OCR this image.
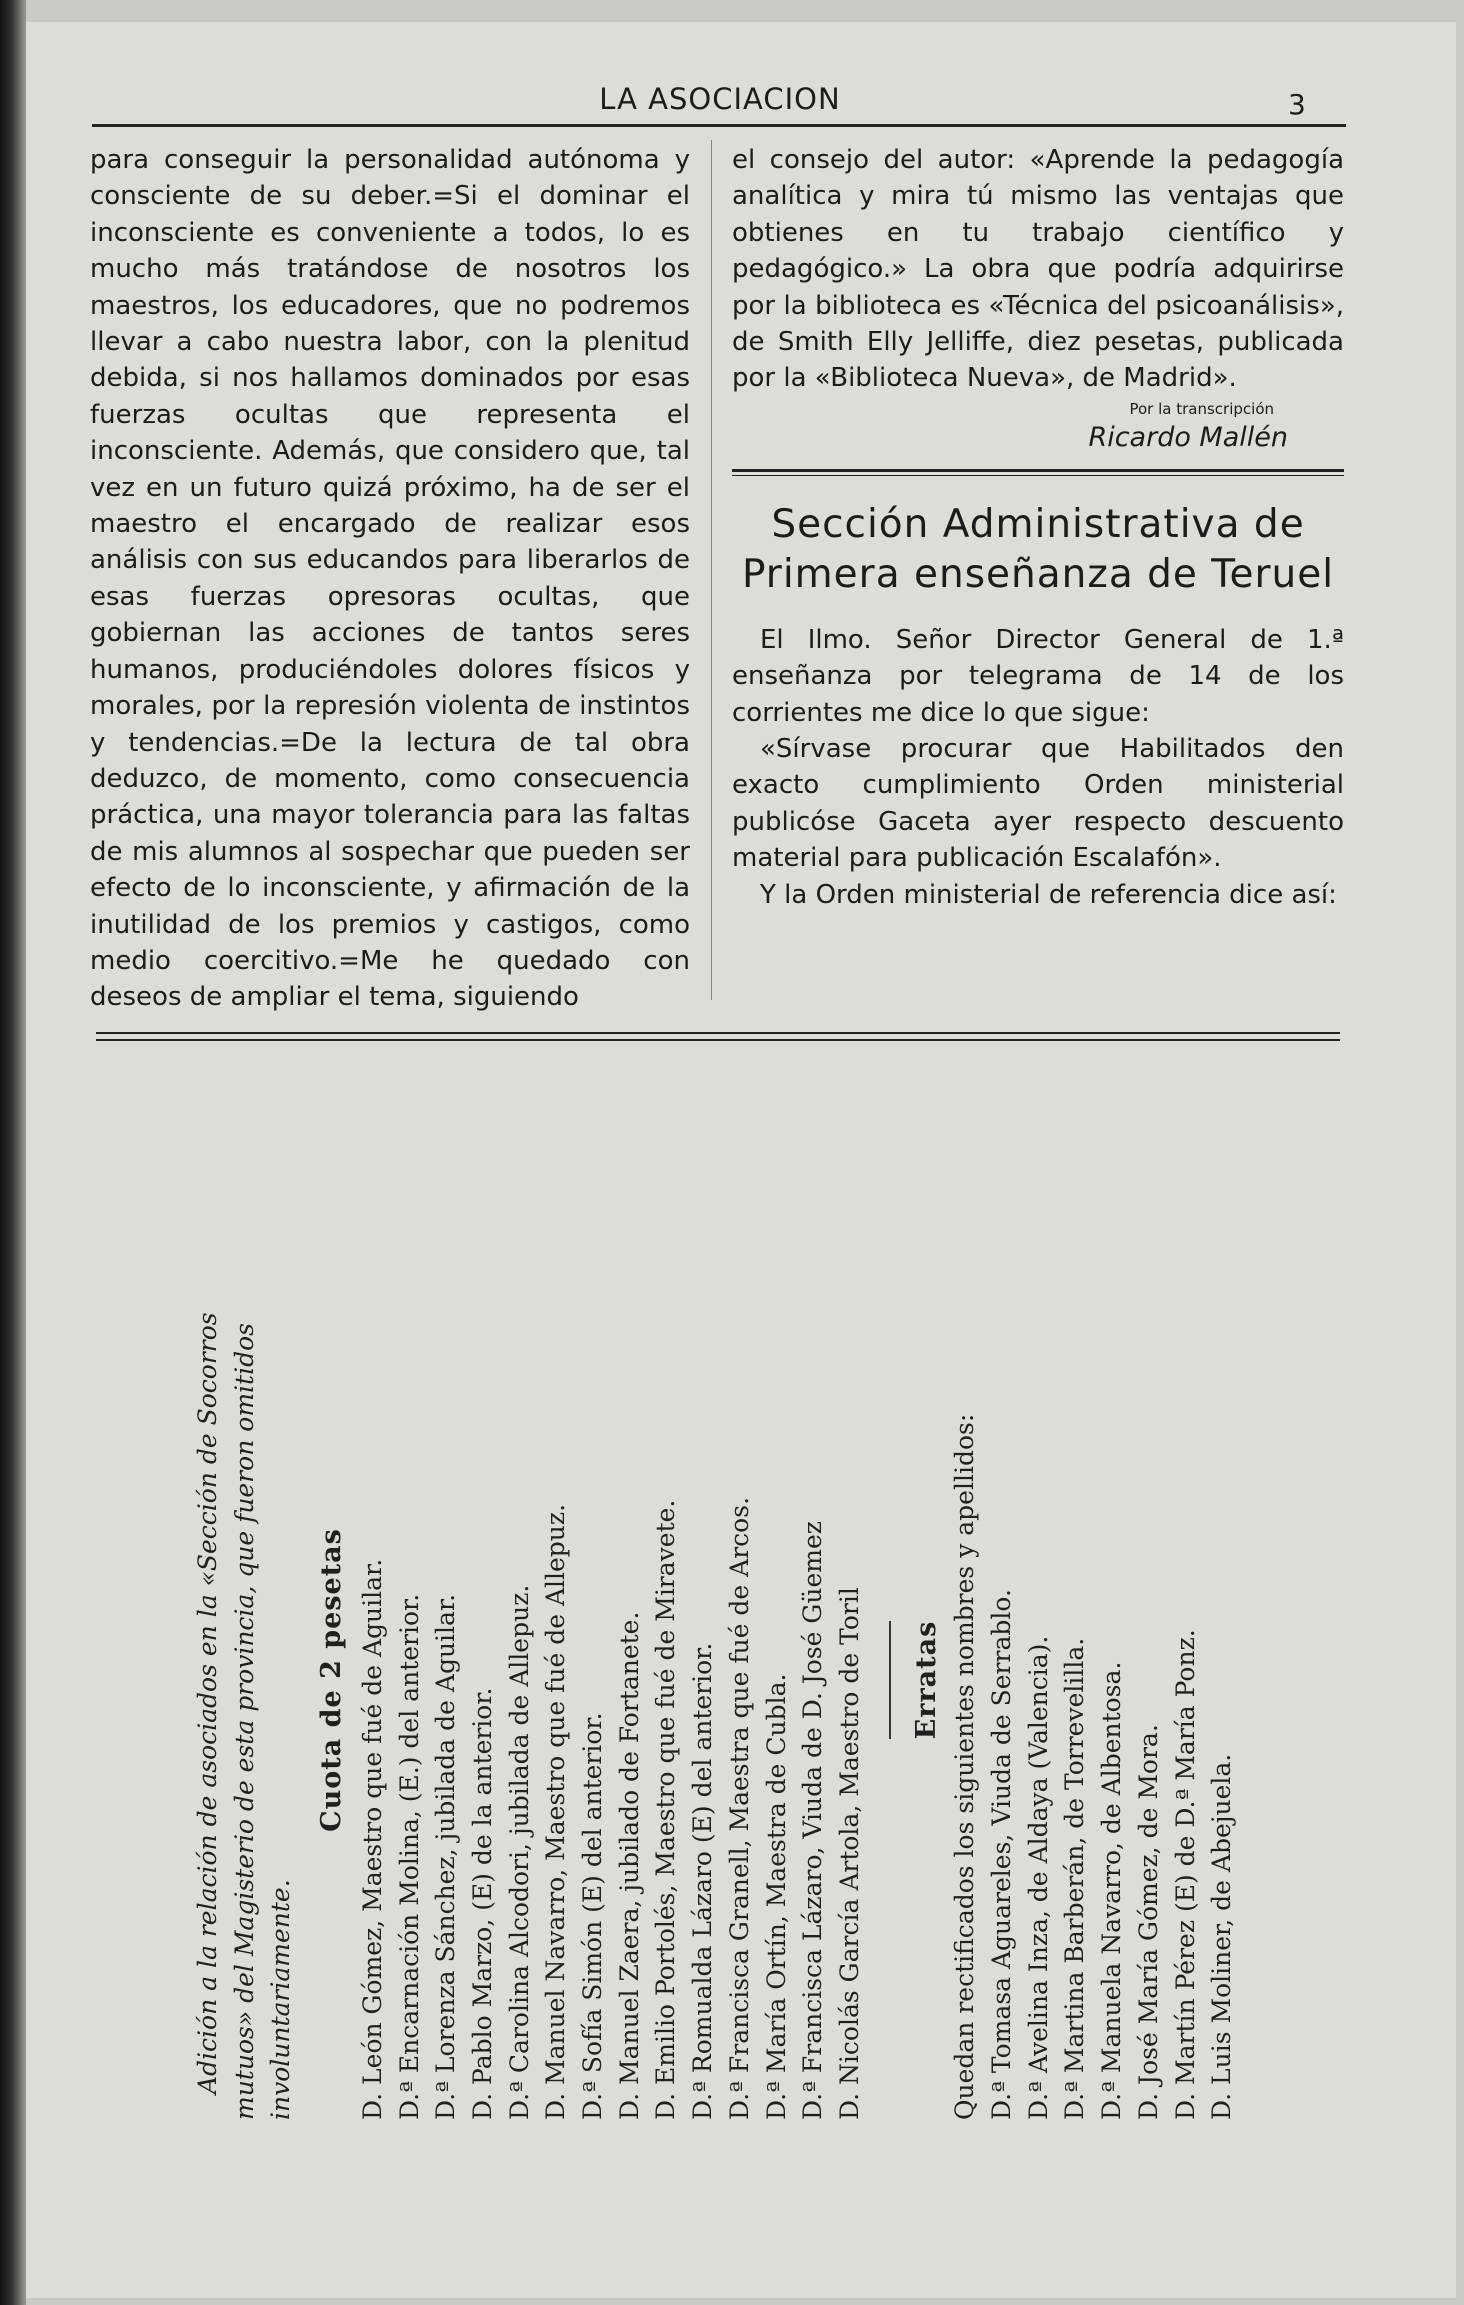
LA ASOCIACION	3

para conseguir la personalidad autónoma y consciente de su deber.=Si el dominar el inconsciente es conveniente a todos, lo es mucho más tratándose de nosotros los maestros, los educadores, que no podremos llevar a cabo nuestra labor, con la plenitud debida, si nos hallamos dominados por esas fuerzas ocultas que representa el inconsciente. Además, que considero que, tal vez en un futuro quizá próximo, ha de ser el maestro el encargado de realizar esos análisis con sus educandos para liberarlos de esas fuerzas opresoras ocultas, que gobiernan las acciones de tantos seres humanos, produciéndoles dolores físicos y morales, por la represión violenta de instintos y tendencias.=De la lectura de tal obra deduzco, de momento, como consecuencia práctica, una mayor tolerancia para las faltas de mis alumnos al sospechar que pueden ser efecto de lo inconsciente, y afirmación de la inutilidad de los premios y castigos, como medio coercitivo.=Me he quedado con deseos de ampliar el tema, siguiendo

el consejo del autor: «Aprende la pedagogía analítica y mira tú mismo las ventajas que obtienes en tu trabajo científico y pedagógico.» La obra que podría adquirirse por la biblioteca es «Técnica del psicoanálisis», de Smith Elly Jelliffe, diez pesetas, publicada por la «Biblioteca Nueva», de Madrid».

Por la transcripción

Ricardo Mallén

Sección Administrativa de
Primera enseñanza de Teruel

El Ilmo. Señor Director General de 1.ª enseñanza por telegrama de 14 de los corrientes me dice lo que sigue:

«Sírvase procurar que Habilitados den exacto cumplimiento Orden ministerial publicóse Gaceta ayer respecto descuento material para publicación Escalafón».

Y la Orden ministerial de referencia dice así:

Adición a la relación de asociados en la «Sección de Socorros mutuos» del Magisterio de esta provincia, que fueron omitidos involuntariamente.

Cuota de 2 pesetas D. León Gómez, Maestro que fué de Aguilar. D.ª Encarnación Molina, (E.) del anterior. D.ª Lorenza Sánchez, jubilada de Aguilar. D. Pablo Marzo, (E) de la anterior. D.ª Carolina Alcodori, jubilada de Allepuz. D. Manuel Navarro, Maestro que fué de Allepuz. D.ª Sofía Simón (E) del anterior. D. Manuel Zaera, jubilado de Fortanete. D. Emilio Portolés, Maestro que fué de Miravete. D.ª Romualda Lázaro (E) del anterior. D.ª Francisca Granell, Maestra que fué de Arcos. D.ª María Ortín, Maestra de Cubla. D.ª Francisca Lázaro, Viuda de D. José Güemez D. Nicolás García Artola, Maestro de Toril Erratas Quedan rectificados los siguientes nombres y apellidos: D.ª Tomasa Aguareles, Viuda de Serrablo. D.ª Avelina Inza, de Aldaya (Valencia). D.ª Martina Barberán, de Torrevelilla. D.ª Manuela Navarro, de Albentosa. D. José María Gómez, de Mora. D. Martín Pérez (E) de D.ª María Ponz. D. Luis Moliner, de Abejuela.
